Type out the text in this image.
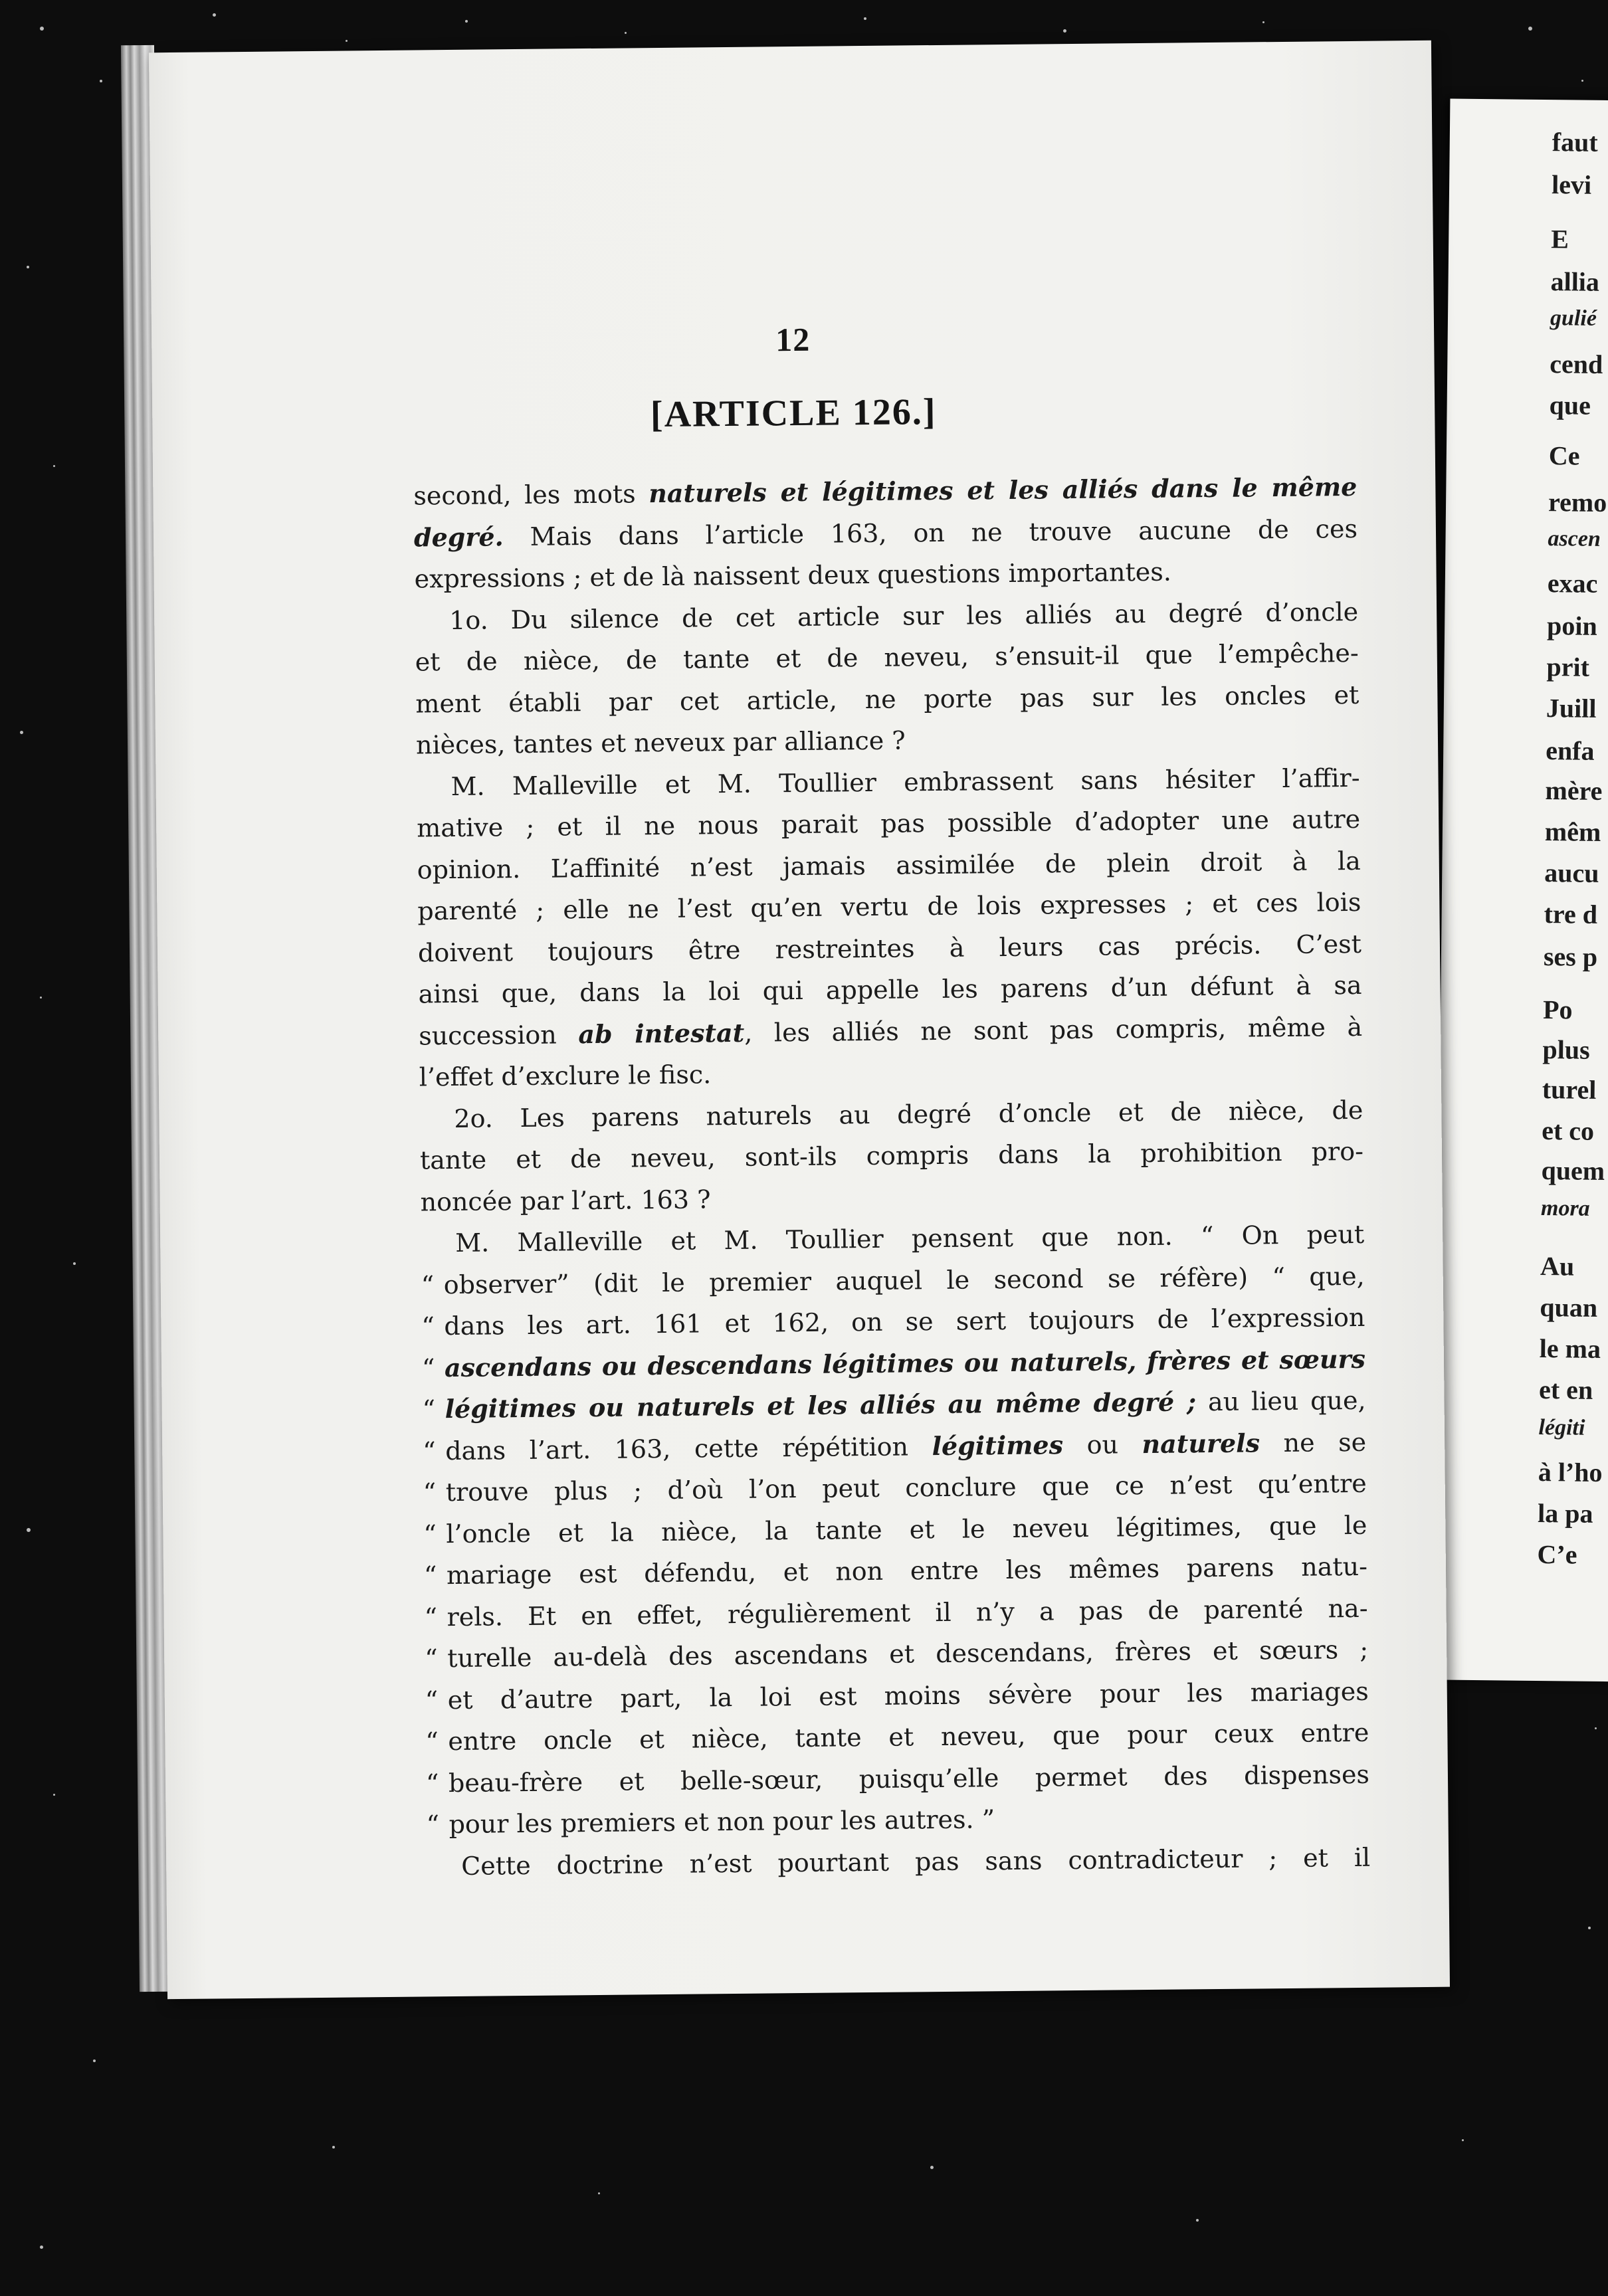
faut
levi
E
allia
gulié
cend
que
Ce
remo
ascen
exac
poin
prit
Juill
enfa
mère
mêm
aucu
tre d
ses p
Po
plus
turel
et co
quem
mora
Au
quan
le ma
et en
légiti
à l’ho
la pa
C’e
12
[ARTICLE 126.]
second, les mots naturels et légitimes et les alliés dans le même
degré. Mais dans l’article 163, on ne trouve aucune de ces
expressions ; et de là naissent deux questions importantes.
1o. Du silence de cet article sur les alliés au degré d’oncle
et de nièce, de tante et de neveu, s’ensuit-il que l’empêche-
ment établi par cet article, ne porte pas sur les oncles et
nièces, tantes et neveux par alliance ?
M. Malleville et M. Toullier embrassent sans hésiter l’affir-
mative ; et il ne nous parait pas possible d’adopter une autre
opinion. L’affinité n’est jamais assimilée de plein droit à la
parenté ; elle ne l’est qu’en vertu de lois expresses ; et ces lois
doivent toujours être restreintes à leurs cas précis. C’est
ainsi que, dans la loi qui appelle les parens d’un défunt à sa
succession ab intestat, les alliés ne sont pas compris, même à
l’effet d’exclure le fisc.
2o. Les parens naturels au degré d’oncle et de nièce, de
tante et de neveu, sont-ils compris dans la prohibition pro-
noncée par l’art. 163 ?
M. Malleville et M. Toullier pensent que non. “ On peut
“ observer” (dit le premier auquel le second se réfère) “ que,
“ dans les art. 161 et 162, on se sert toujours de l’expression
“ ascendans ou descendans légitimes ou naturels, frères et sœurs
“ légitimes ou naturels et les alliés au même degré ; au lieu que,
“ dans l’art. 163, cette répétition légitimes ou naturels ne se
“ trouve plus ; d’où l’on peut conclure que ce n’est qu’entre
“ l’oncle et la nièce, la tante et le neveu légitimes, que le
“ mariage est défendu, et non entre les mêmes parens natu-
“ rels. Et en effet, régulièrement il n’y a pas de parenté na-
“ turelle au-delà des ascendans et descendans, frères et sœurs ;
“ et d’autre part, la loi est moins sévère pour les mariages
“ entre oncle et nièce, tante et neveu, que pour ceux entre
“ beau-frère et belle-sœur, puisqu’elle permet des dispenses
“ pour les premiers et non pour les autres. ”
Cette doctrine n’est pourtant pas sans contradicteur ; et il
